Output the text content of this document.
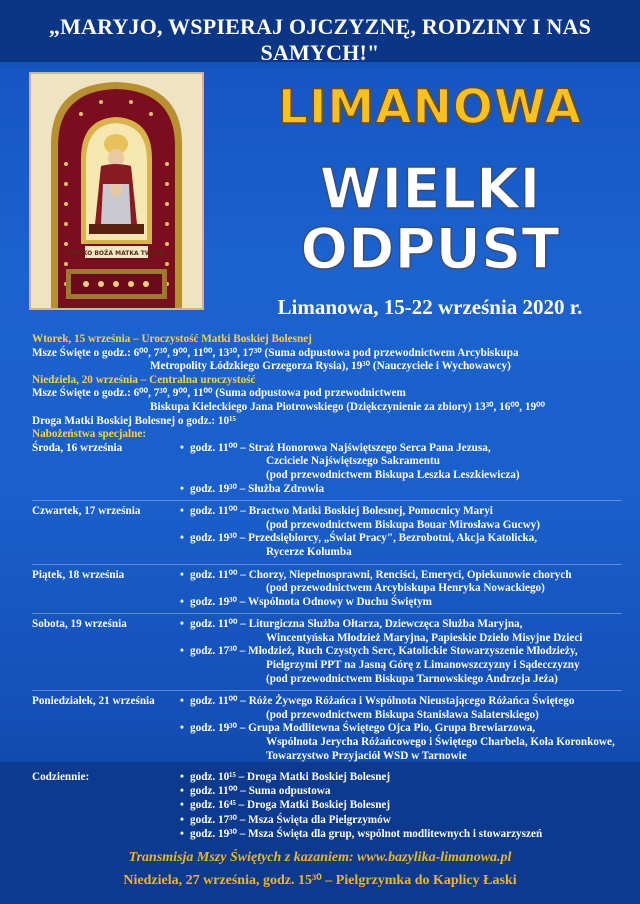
„MARYJO, WSPIERAJ OJCZYZNĘ, RODZINY I NAS SAMYCH!"
MATKO BOŻA MATKA TWOJA
LIMANOWA
WIELKI
ODPUST
Limanowa, 15-22 września 2020 r.
Wtorek, 15 września – Uroczystość Matki Boskiej Bolesnej
Msze Święte o godz.: 6⁰⁰, 7³⁰, 9⁰⁰, 11⁰⁰, 13³⁰, 17³⁰ (Suma odpustowa pod przewodnictwem Arcybiskupa
Metropolity Łódzkiego Grzegorza Rysia), 19³⁰ (Nauczyciele i Wychowawcy)
Niedziela, 20 września – Centralna uroczystość
Msze Święte o godz.: 6⁰⁰, 7³⁰, 9⁰⁰, 11⁰⁰ (Suma odpustowa pod przewodnictwem
Biskupa Kieleckiego Jana Piotrowskiego (Dziękczynienie za zbiory) 13³⁰, 16⁰⁰, 19⁰⁰
Droga Matki Boskiej Bolesnej o godz.: 10¹⁵
Nabożeństwa specjalne:
Środa, 16 września	• godz. 11⁰⁰ – Straż Honorowa Najświętszego Serca Pana Jezusa,
Czciciele Najświętszego Sakramentu
(pod przewodnictwem Biskupa Leszka Leszkiewicza)
• godz. 19³⁰ – Służba Zdrowia
Czwartek, 17 września	• godz. 11⁰⁰ – Bractwo Matki Boskiej Bolesnej, Pomocnicy Maryi
(pod przewodnictwem Biskupa Bouar Mirosława Gucwy)
• godz. 19³⁰ – Przedsiębiorcy, „Świat Pracy", Bezrobotni, Akcja Katolicka,
Rycerze Kolumba
Piątek, 18 września	• godz. 11⁰⁰ – Chorzy, Niepełnosprawni, Renciści, Emeryci, Opiekunowie chorych
(pod przewodnictwem Arcybiskupa Henryka Nowackiego)
• godz. 19³⁰ – Wspólnota Odnowy w Duchu Świętym
Sobota, 19 września	• godz. 11⁰⁰ – Liturgiczna Służba Ołtarza, Dziewczęca Służba Maryjna,
Wincentyńska Młodzież Maryjna, Papieskie Dzieło Misyjne Dzieci
• godz. 17³⁰ – Młodzież, Ruch Czystych Serc, Katolickie Stowarzyszenie Młodzieży,
Pielgrzymi PPT na Jasną Górę z Limanowszczyzny i Sądecczyzny
(pod przewodnictwem Biskupa Tarnowskiego Andrzeja Jeża)
Poniedziałek, 21 września	• godz. 11⁰⁰ – Róże Żywego Różańca i Wspólnota Nieustającego Różańca Świętego
(pod przewodnictwem Biskupa Stanisława Salaterskiego)
• godz. 19³⁰ – Grupa Modlitewna Świętego Ojca Pio, Grupa Brewiarzowa,
Wspólnota Jerycha Różańcowego i Świętego Charbela, Koła Koronkowe,
Towarzystwo Przyjaciół WSD w Tarnowie
Codziennie:	• godz. 10¹⁵ – Droga Matki Boskiej Bolesnej
• godz. 11⁰⁰ – Suma odpustowa
• godz. 16⁴⁵ – Droga Matki Boskiej Bolesnej
• godz. 17³⁰ – Msza Święta dla Pielgrzymów
• godz. 19³⁰ – Msza Święta dla grup, wspólnot modlitewnych i stowarzyszeń
Transmisja Mszy Świętych z kazaniem: www.bazylika-limanowa.pl
Niedziela, 27 września, godz. 15³⁰ – Pielgrzymka do Kaplicy Łaski
